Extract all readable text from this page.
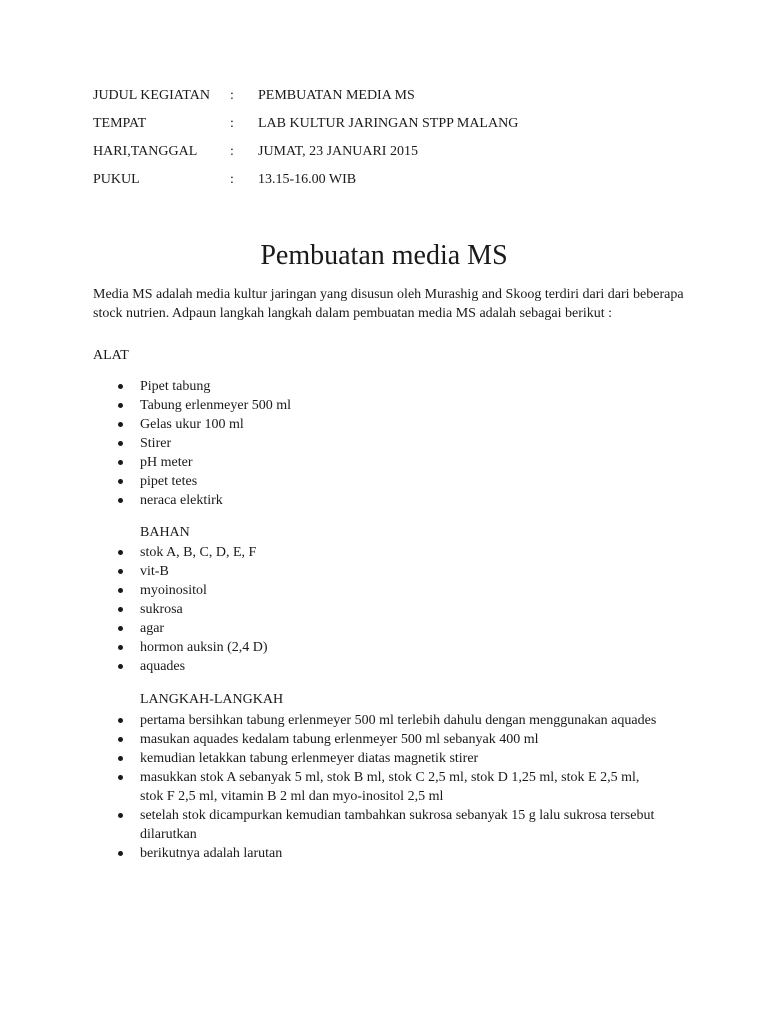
JUDUL KEGIATAN : PEMBUATAN MEDIA MS
TEMPAT	: LAB KULTUR JARINGAN STPP MALANG
HARI,TANGGAL : JUMAT, 23 JANUARI 2015
PUKUL	: 13.15-16.00 WIB
Pembuatan media MS
Media MS adalah media kultur jaringan yang disusun oleh Murashig and Skoog terdiri dari dari beberapa stock nutrien. Adpaun langkah langkah dalam pembuatan media MS adalah sebagai berikut :
ALAT
Pipet tabung
Tabung erlenmeyer 500 ml
Gelas ukur 100 ml
Stirer
pH meter
pipet tetes
neraca elektirk
BAHAN
stok A, B, C, D, E, F
vit-B
myoinositol
sukrosa
agar
hormon auksin (2,4 D)
aquades
LANGKAH-LANGKAH
pertama bersihkan tabung erlenmeyer 500 ml terlebih dahulu dengan menggunakan aquades
masukan aquades kedalam tabung erlenmeyer 500 ml sebanyak 400 ml
kemudian letakkan tabung erlenmeyer diatas magnetik stirer
masukkan stok A sebanyak 5 ml, stok B ml, stok C 2,5 ml, stok D 1,25 ml, stok E 2,5 ml, stok F 2,5 ml, vitamin B 2 ml dan myo-inositol 2,5 ml
setelah stok dicampurkan kemudian tambahkan sukrosa sebanyak 15 g lalu sukrosa tersebut dilarutkan
berikutnya adalah larutan
